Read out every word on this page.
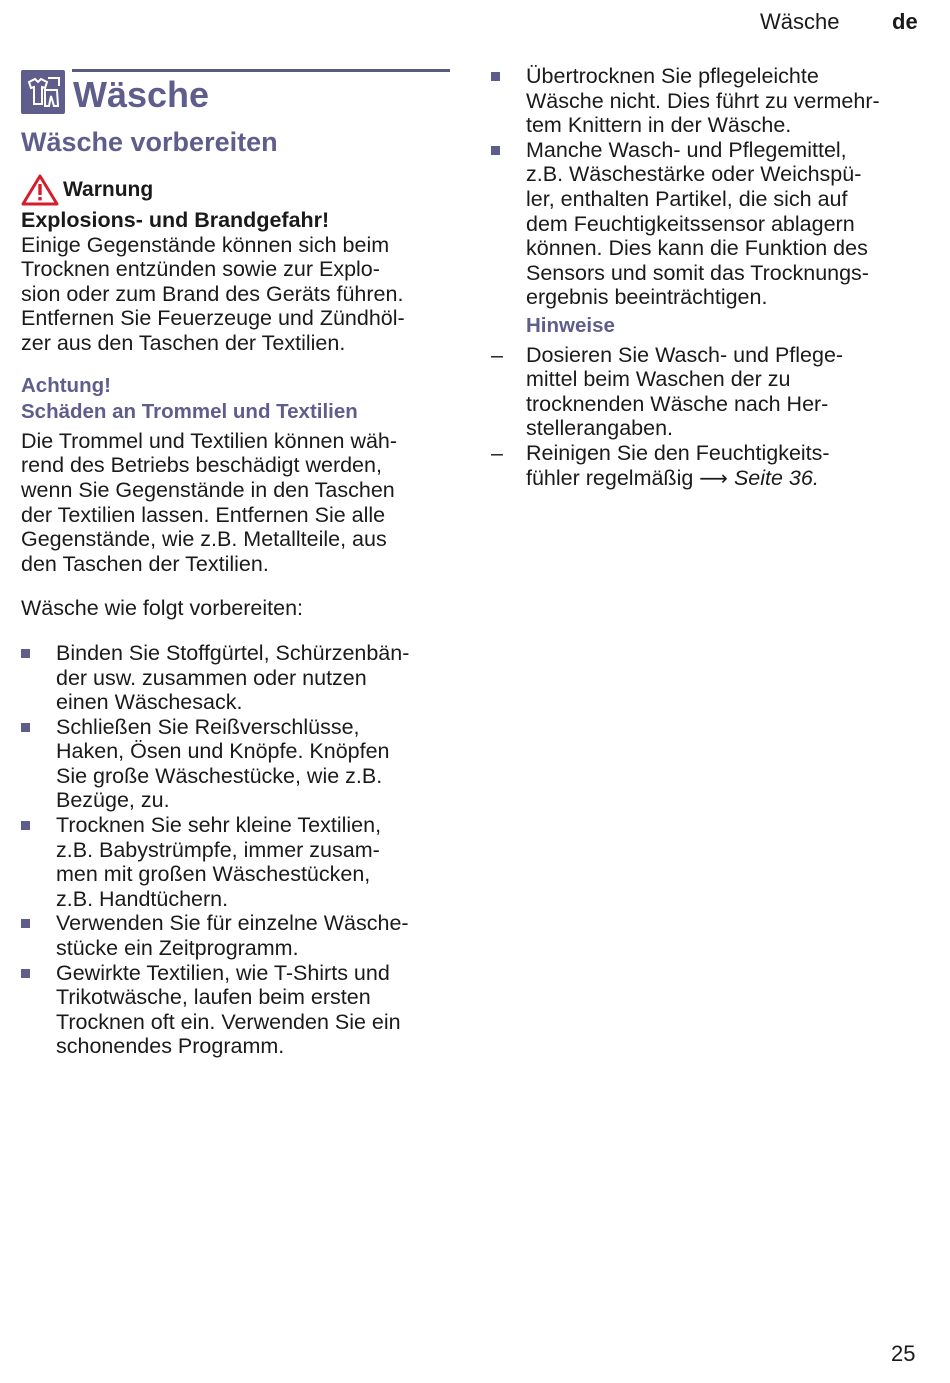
Wäsche de
Wäsche
Wäsche vorbereiten
Warnung

Explosions- und Brandgefahr!

Einige Gegenstände können sich beim

Trocknen entzünden sowie zur Explo-

sion oder zum Brand des Geräts führen.

Entfernen Sie Feuerzeuge und Zündhöl-

zer aus den Taschen der Textilien.

Achtung!

Schäden an Trommel und Textilien

Die Trommel und Textilien können wäh-

rend des Betriebs beschädigt werden,

wenn Sie Gegenstände in den Taschen

der Textilien lassen. Entfernen Sie alle

Gegenstände, wie z.B. Metallteile, aus

den Taschen der Textilien.

Wäsche wie folgt vorbereiten:

Binden Sie Stoffgürtel, Schürzenbän-
der usw. zusammen oder nutzen
einen Wäschesack.
Schließen Sie Reißverschlüsse,
Haken, Ösen und Knöpfe. Knöpfen
Sie große Wäschestücke, wie z.B.
Bezüge, zu.
Trocknen Sie sehr kleine Textilien,
z.B. Babystrümpfe, immer zusam-
men mit großen Wäschestücken,
z.B. Handtüchern.
Verwenden Sie für einzelne Wäsche-
stücke ein Zeitprogramm.
Gewirkte Textilien, wie T-Shirts und
Trikotwäsche, laufen beim ersten
Trocknen oft ein. Verwenden Sie ein
schonendes Programm.
Übertrocknen Sie pflegeleichte
Wäsche nicht. Dies führt zu vermehr-
tem Knittern in der Wäsche.
Manche Wasch- und Pflegemittel,
z.B. Wäschestärke oder Weichspü-
ler, enthalten Partikel, die sich auf
dem Feuchtigkeitssensor ablagern
können. Dies kann die Funktion des
Sensors und somit das Trocknungs-
ergebnis beeinträchtigen.

Hinweise

– Dosieren Sie Wasch- und Pflege-
mittel beim Waschen der zu
trocknenden Wäsche nach Her-
stellerangaben.
– Reinigen Sie den Feuchtigkeits-
fühler regelmäßig ⟶ Seite 36.
25
